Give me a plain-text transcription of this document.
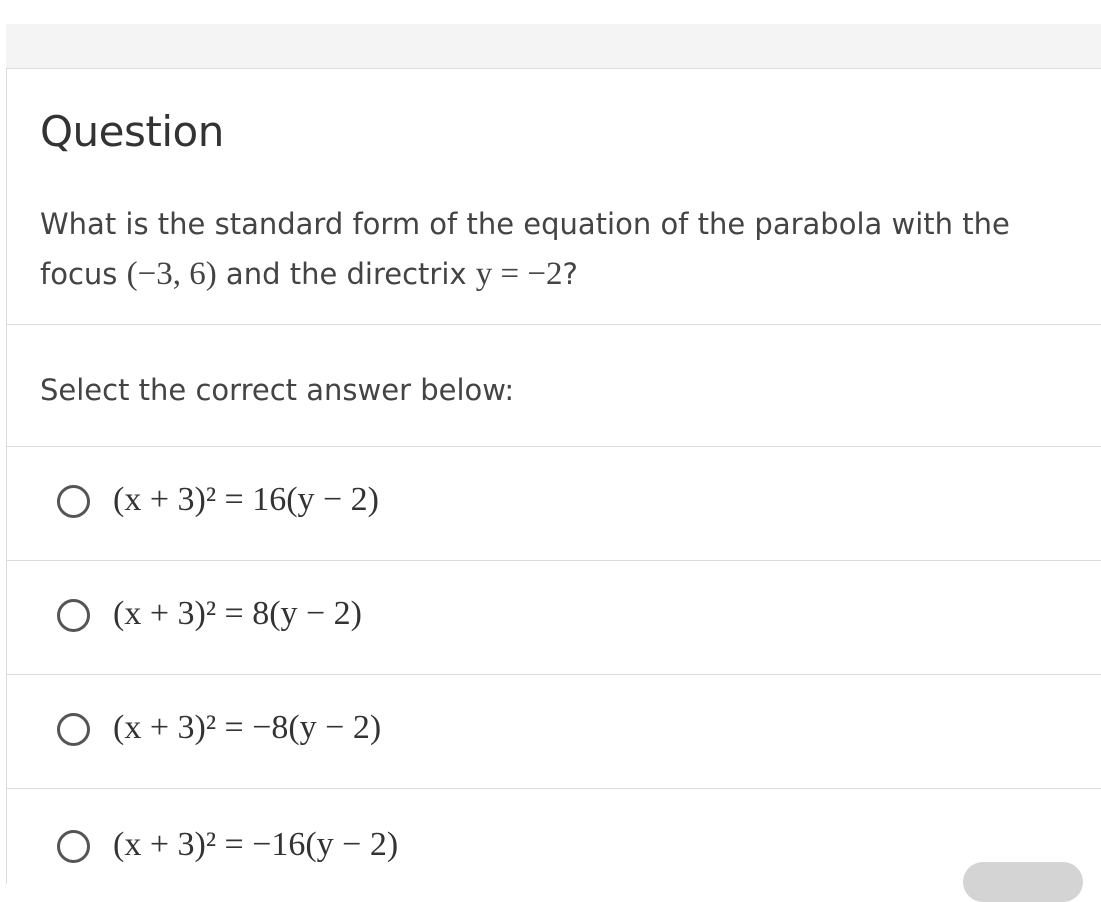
Question

What is the standard form of the equation of the parabola with the focus (−3, 6) and the directrix y = −2?

Select the correct answer below:

(x + 3)² = 16(y − 2)
(x + 3)² = 8(y − 2)
(x + 3)² = −8(y − 2)
(x + 3)² = −16(y − 2)
